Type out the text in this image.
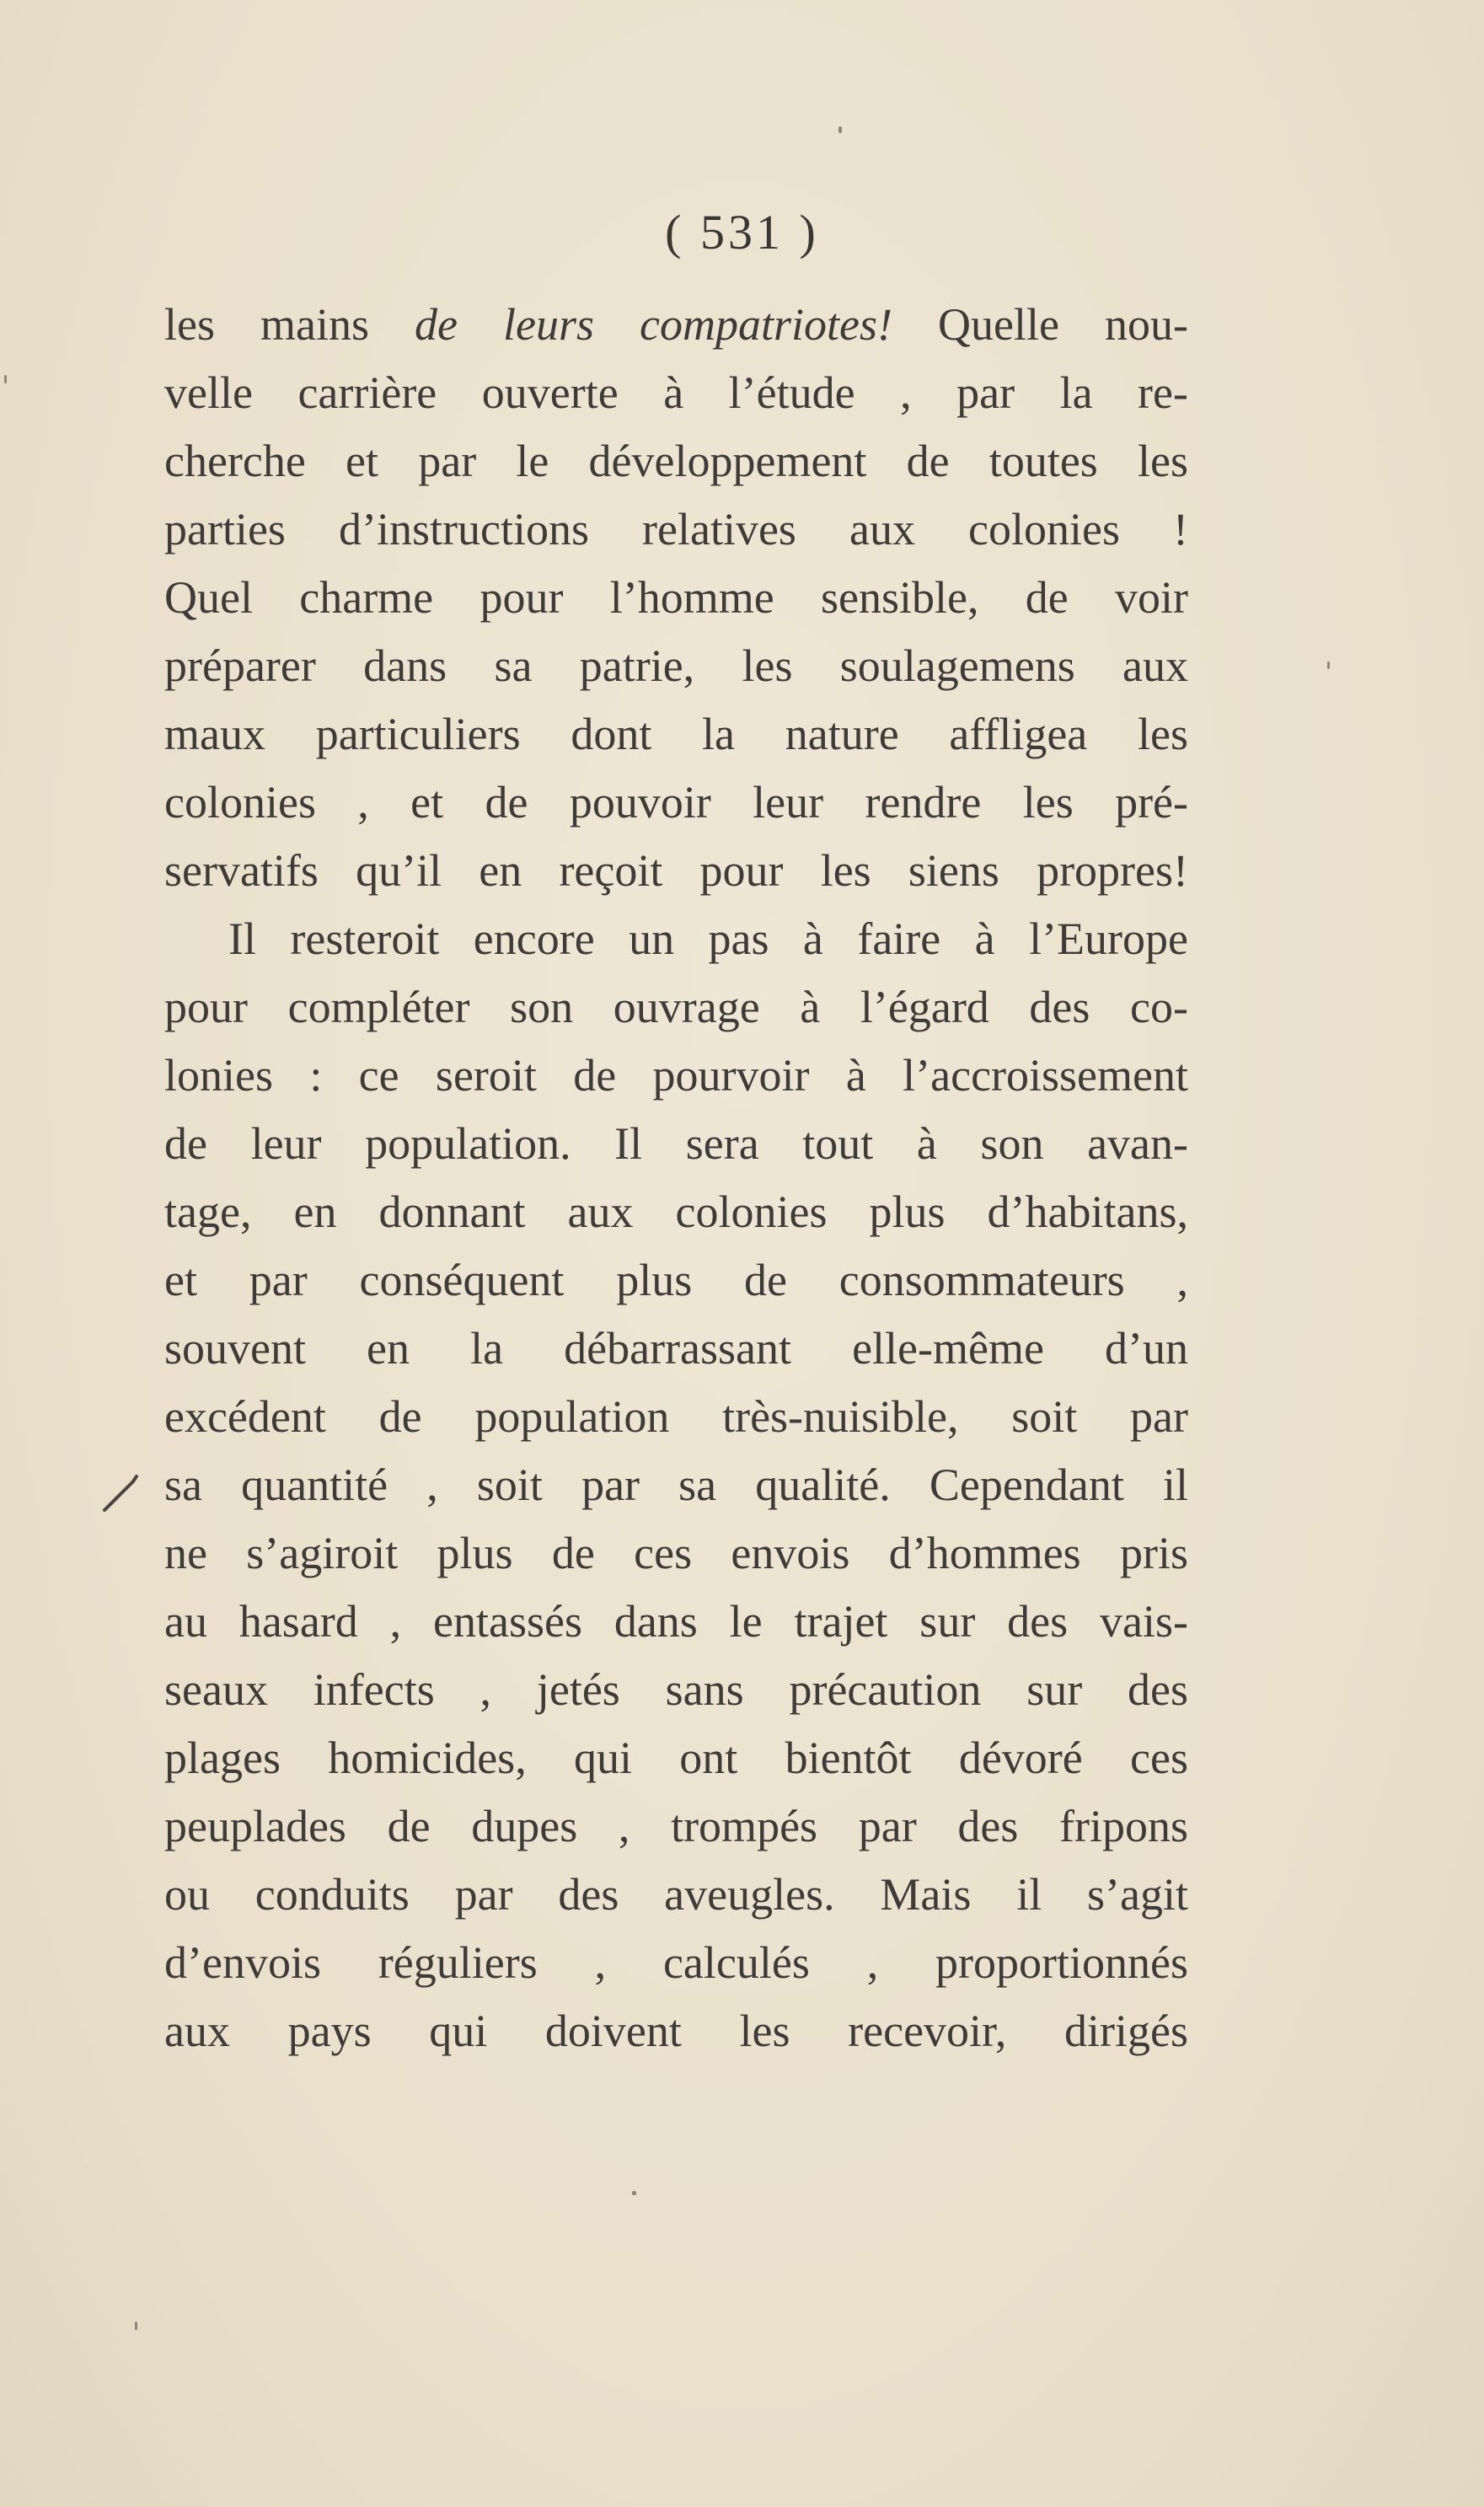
( 531 )
les mains de leurs compatriotes! Quelle nou-
velle carrière ouverte à l’étude , par la re-
cherche et par le développement de toutes les
parties d’instructions relatives aux colonies !
Quel charme pour l’homme sensible, de voir
préparer dans sa patrie, les soulagemens aux
maux particuliers dont la nature affligea les
colonies , et de pouvoir leur rendre les pré-
servatifs qu’il en reçoit pour les siens propres!
Il resteroit encore un pas à faire à l’Europe
pour compléter son ouvrage à l’égard des co-
lonies : ce seroit de pourvoir à l’accroissement
de leur population. Il sera tout à son avan-
tage, en donnant aux colonies plus d’habitans,
et par conséquent plus de consommateurs ,
souvent en la débarrassant elle-même d’un
excédent de population très-nuisible, soit par
sa quantité , soit par sa qualité. Cependant il
ne s’agiroit plus de ces envois d’hommes pris
au hasard , entassés dans le trajet sur des vais-
seaux infects , jetés sans précaution sur des
plages homicides, qui ont bientôt dévoré ces
peuplades de dupes , trompés par des fripons
ou conduits par des aveugles. Mais il s’agit
d’envois réguliers , calculés , proportionnés
aux pays qui doivent les recevoir, dirigés
